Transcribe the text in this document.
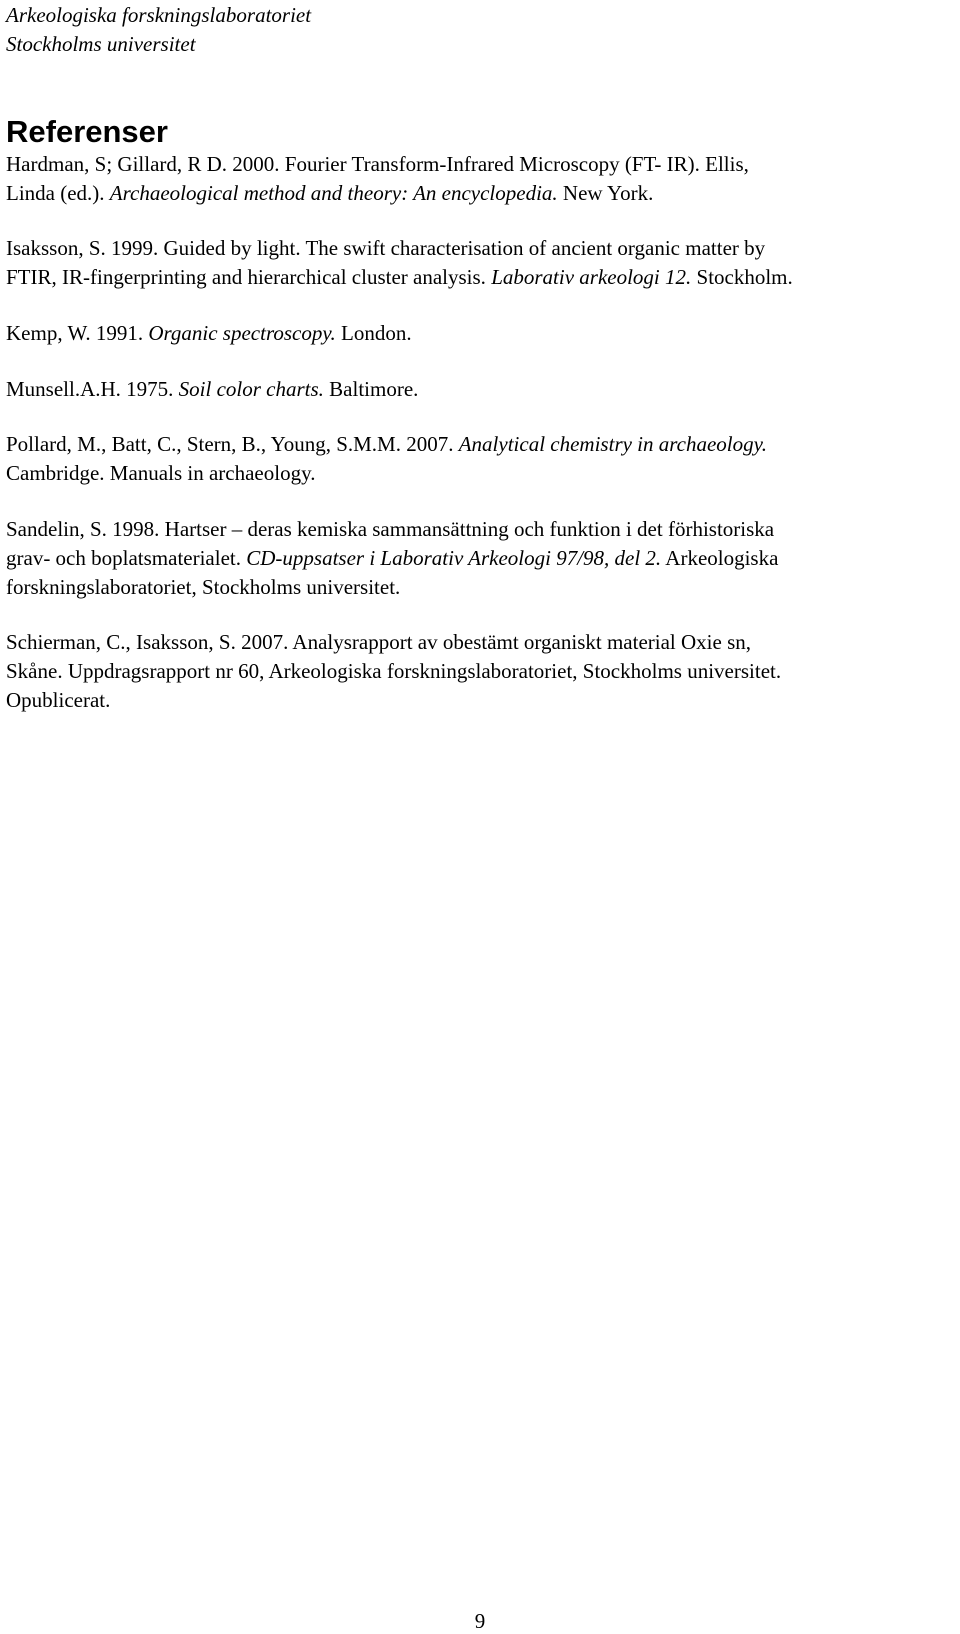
Arkeologiska forskningslaboratoriet
Stockholms universitet
Referenser

Hardman, S; Gillard, R D. 2000. Fourier Transform-Infrared Microscopy (FT- IR). Ellis,
Linda (ed.). Archaeological method and theory: An encyclopedia. New York.

Isaksson, S. 1999. Guided by light. The swift characterisation of ancient organic matter by
FTIR, IR-fingerprinting and hierarchical cluster analysis. Laborativ arkeologi 12. Stockholm.

Kemp, W. 1991. Organic spectroscopy. London.

Munsell.A.H. 1975. Soil color charts. Baltimore.

Pollard, M., Batt, C., Stern, B., Young, S.M.M. 2007. Analytical chemistry in archaeology.
Cambridge. Manuals in archaeology.

Sandelin, S. 1998. Hartser – deras kemiska sammansättning och funktion i det förhistoriska
grav- och boplatsmaterialet. CD-uppsatser i Laborativ Arkeologi 97/98, del 2. Arkeologiska
forskningslaboratoriet, Stockholms universitet.

Schierman, C., Isaksson, S. 2007. Analysrapport av obestämt organiskt material Oxie sn,
Skåne. Uppdragsrapport nr 60, Arkeologiska forskningslaboratoriet, Stockholms universitet.
Opublicerat.

9
